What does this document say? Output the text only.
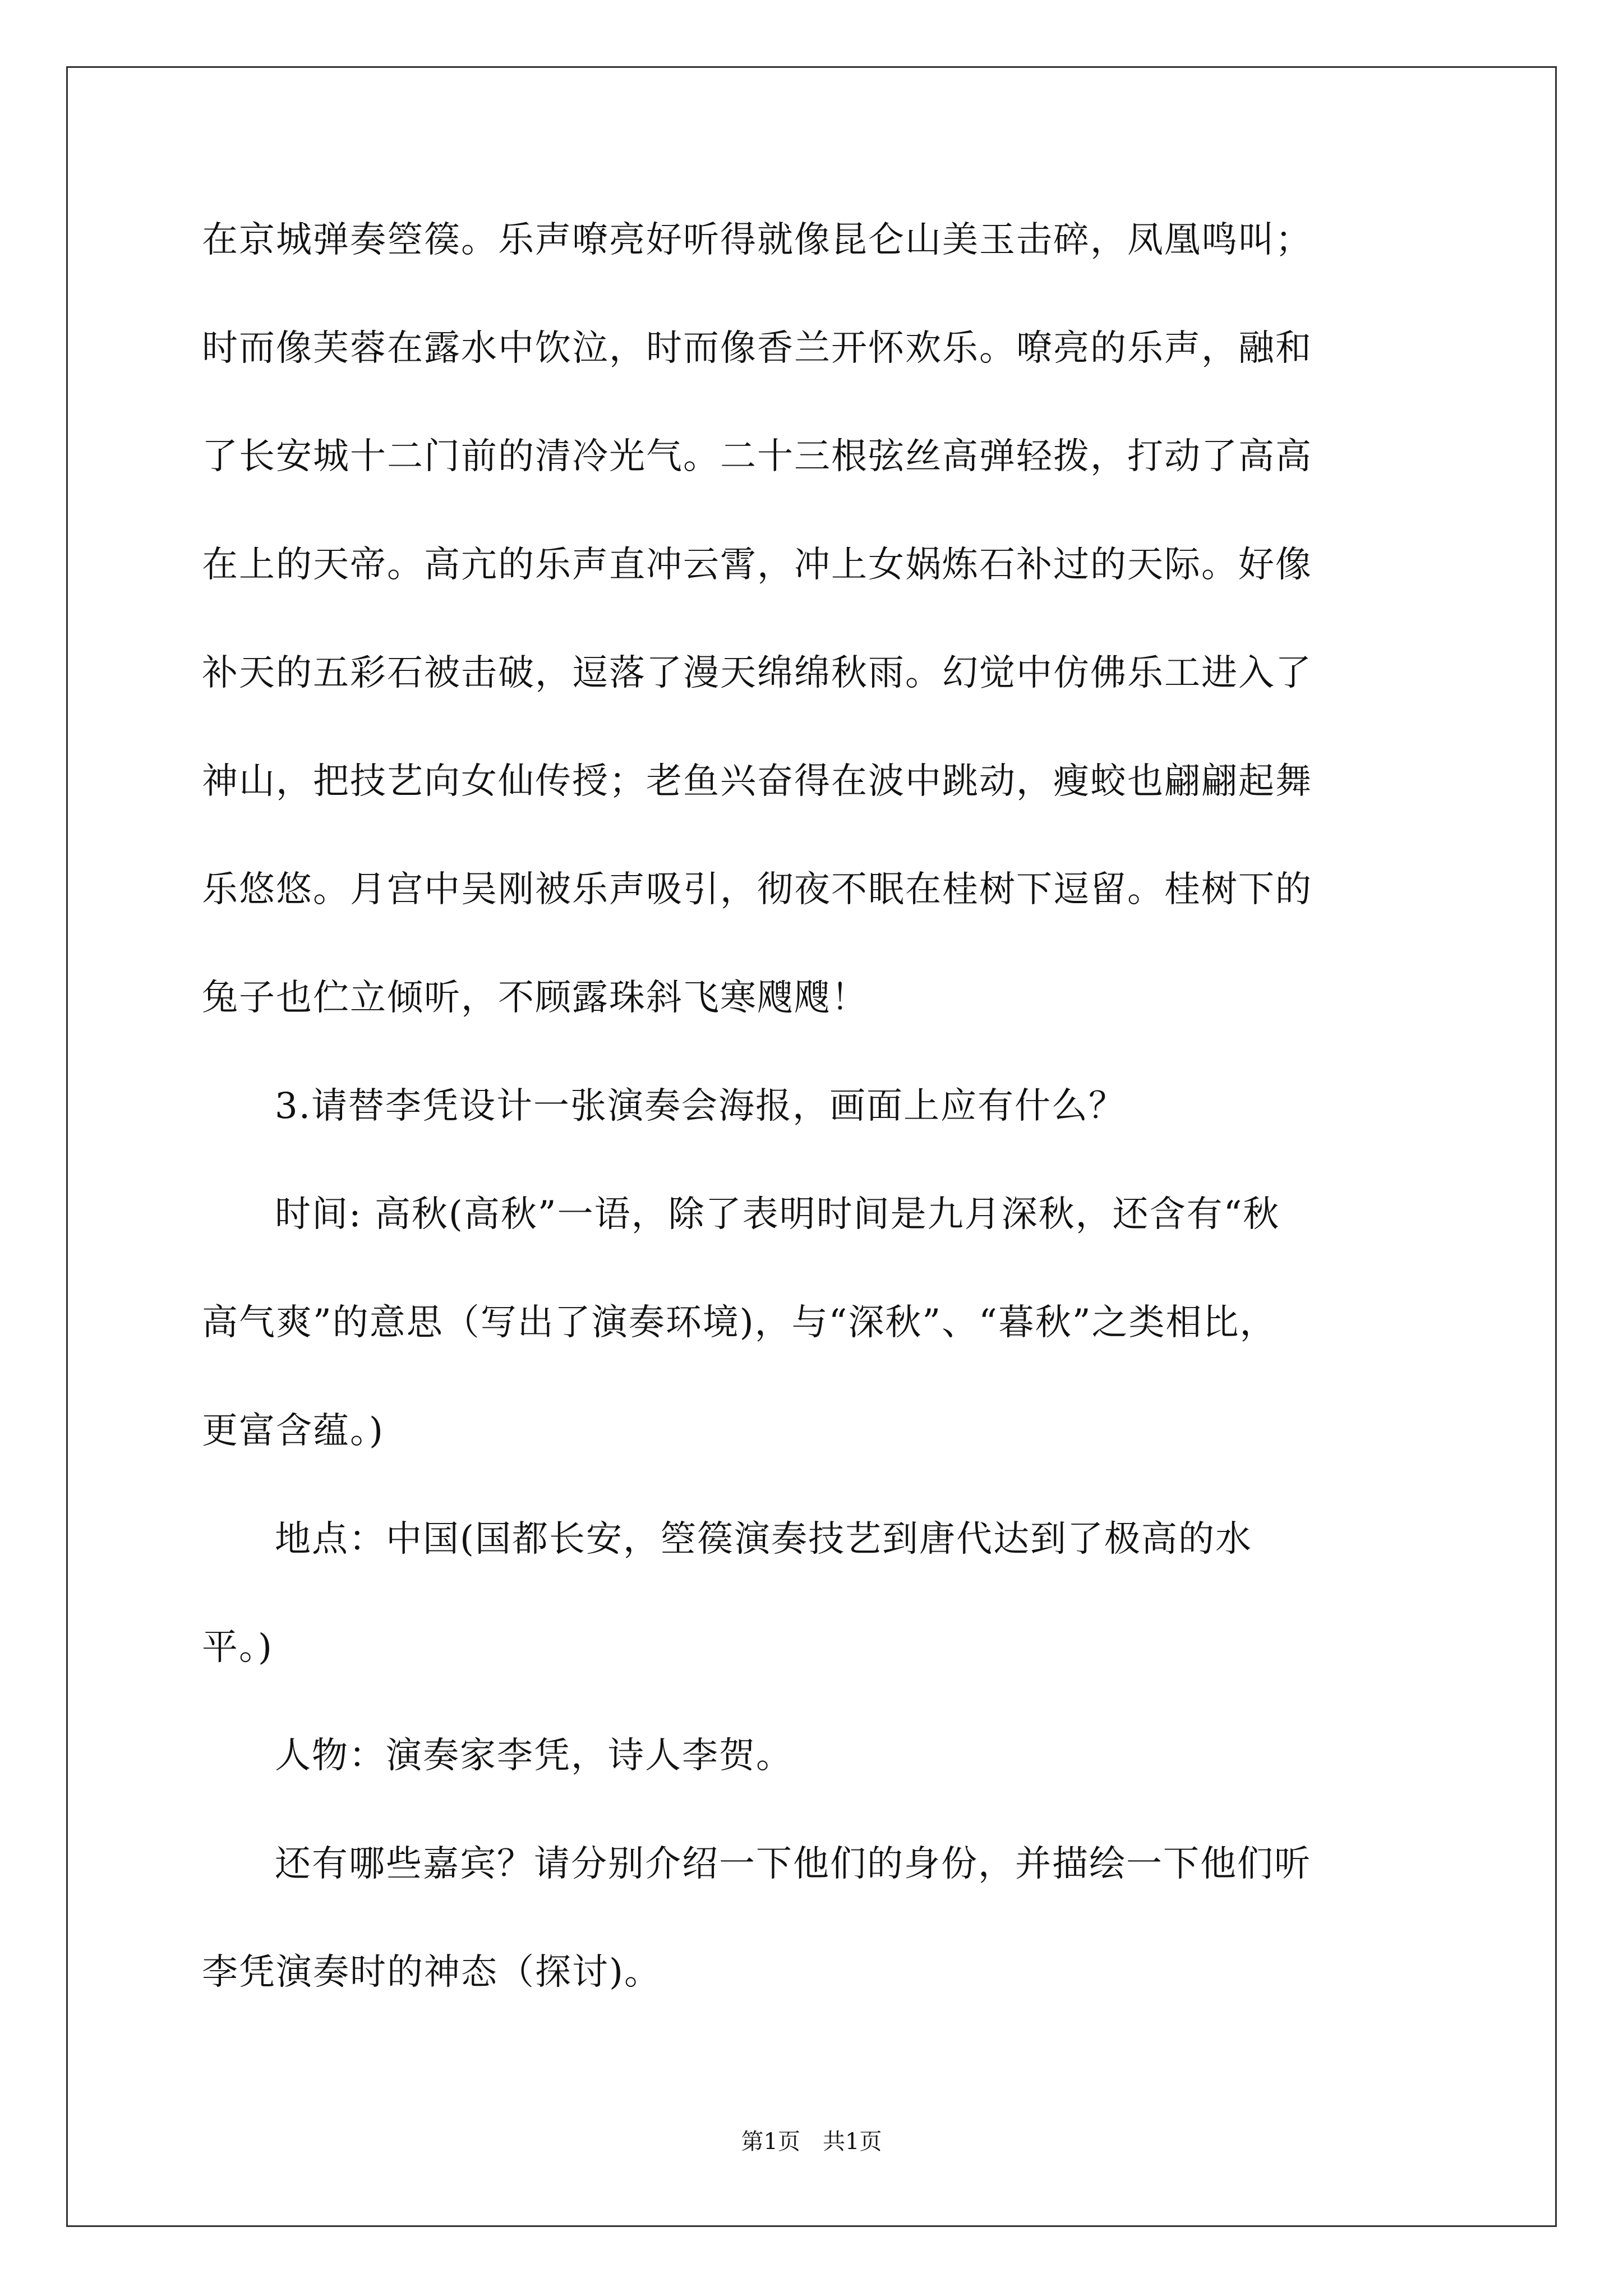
在京城弹奏箜篌。乐声嘹亮好听得就像昆仑山美玉击碎，凤凰鸣叫；
时而像芙蓉在露水中饮泣，时而像香兰开怀欢乐。嘹亮的乐声，融和
了长安城十二门前的清冷光气。二十三根弦丝高弹轻拨，打动了高高
在上的天帝。高亢的乐声直冲云霄，冲上女娲炼石补过的天际。好像
补天的五彩石被击破，逗落了漫天绵绵秋雨。幻觉中仿佛乐工进入了
神山，把技艺向女仙传授；老鱼兴奋得在波中跳动，瘦蛟也翩翩起舞
乐悠悠。月宫中吴刚被乐声吸引，彻夜不眠在桂树下逗留。桂树下的
兔子也伫立倾听，不顾露珠斜飞寒飕飕！
3.请替李凭设计一张演奏会海报，画面上应有什么？
时间: 高秋(高秋”一语，除了表明时间是九月深秋，还含有“秋
高气爽”的意思（写出了演奏环境)，与“深秋”、“暮秋”之类相比，
更富含蕴。)
地点：中国(国都长安，箜篌演奏技艺到唐代达到了极高的水
平。)
人物：演奏家李凭，诗人李贺。
还有哪些嘉宾？请分别介绍一下他们的身份，并描绘一下他们听
李凭演奏时的神态（探讨)。
第1页　共1页
